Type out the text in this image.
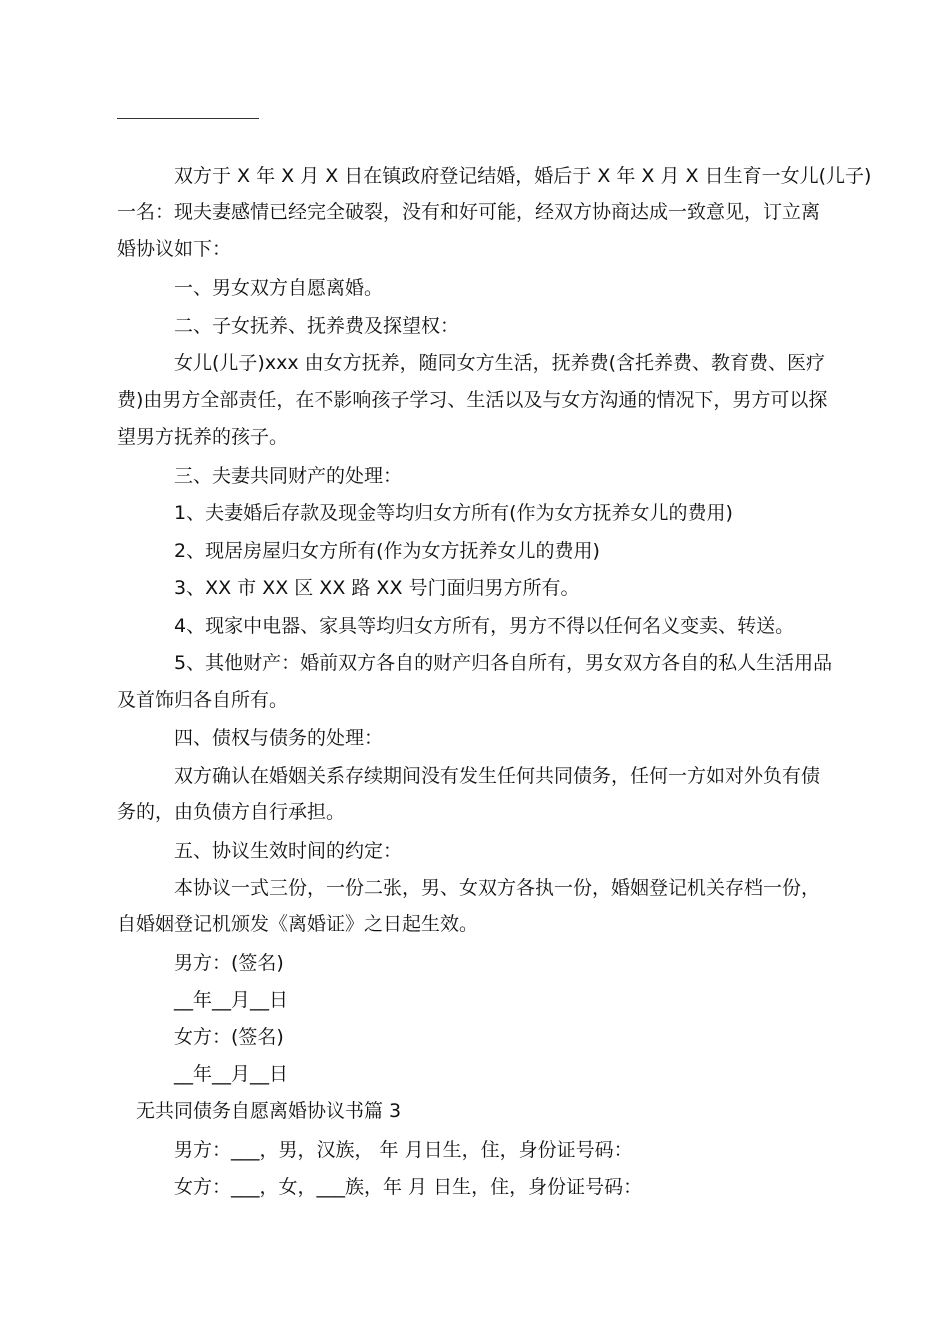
双方于 X 年 X 月 X 日在镇政府登记结婚，婚后于 X 年 X 月 X 日生育一女儿(儿子)
一名：现夫妻感情已经完全破裂，没有和好可能，经双方协商达成一致意见，订立离
婚协议如下：
一、男女双方自愿离婚。
二、子女抚养、抚养费及探望权：
女儿(儿子)xxx 由女方抚养，随同女方生活，抚养费(含托养费、教育费、医疗
费)由男方全部责任，在不影响孩子学习、生活以及与女方沟通的情况下，男方可以探
望男方抚养的孩子。
三、夫妻共同财产的处理：
1、夫妻婚后存款及现金等均归女方所有(作为女方抚养女儿的费用)
2、现居房屋归女方所有(作为女方抚养女儿的费用)
3、XX 市 XX 区 XX 路 XX 号门面归男方所有。
4、现家中电器、家具等均归女方所有，男方不得以任何名义变卖、转送。
5、其他财产：婚前双方各自的财产归各自所有，男女双方各自的私人生活用品
及首饰归各自所有。
四、债权与债务的处理：
双方确认在婚姻关系存续期间没有发生任何共同债务，任何一方如对外负有债
务的，由负债方自行承担。
五、协议生效时间的约定：
本协议一式三份，一份二张，男、女双方各执一份，婚姻登记机关存档一份，
自婚姻登记机颁发《离婚证》之日起生效。
男方：(签名)
__年__月__日
女方：(签名)
__年__月__日
无共同债务自愿离婚协议书篇 3
男方：___，男，汉族， 年 月日生，住，身份证号码：
女方：___，女，___族，年 月 日生，住，身份证号码：
